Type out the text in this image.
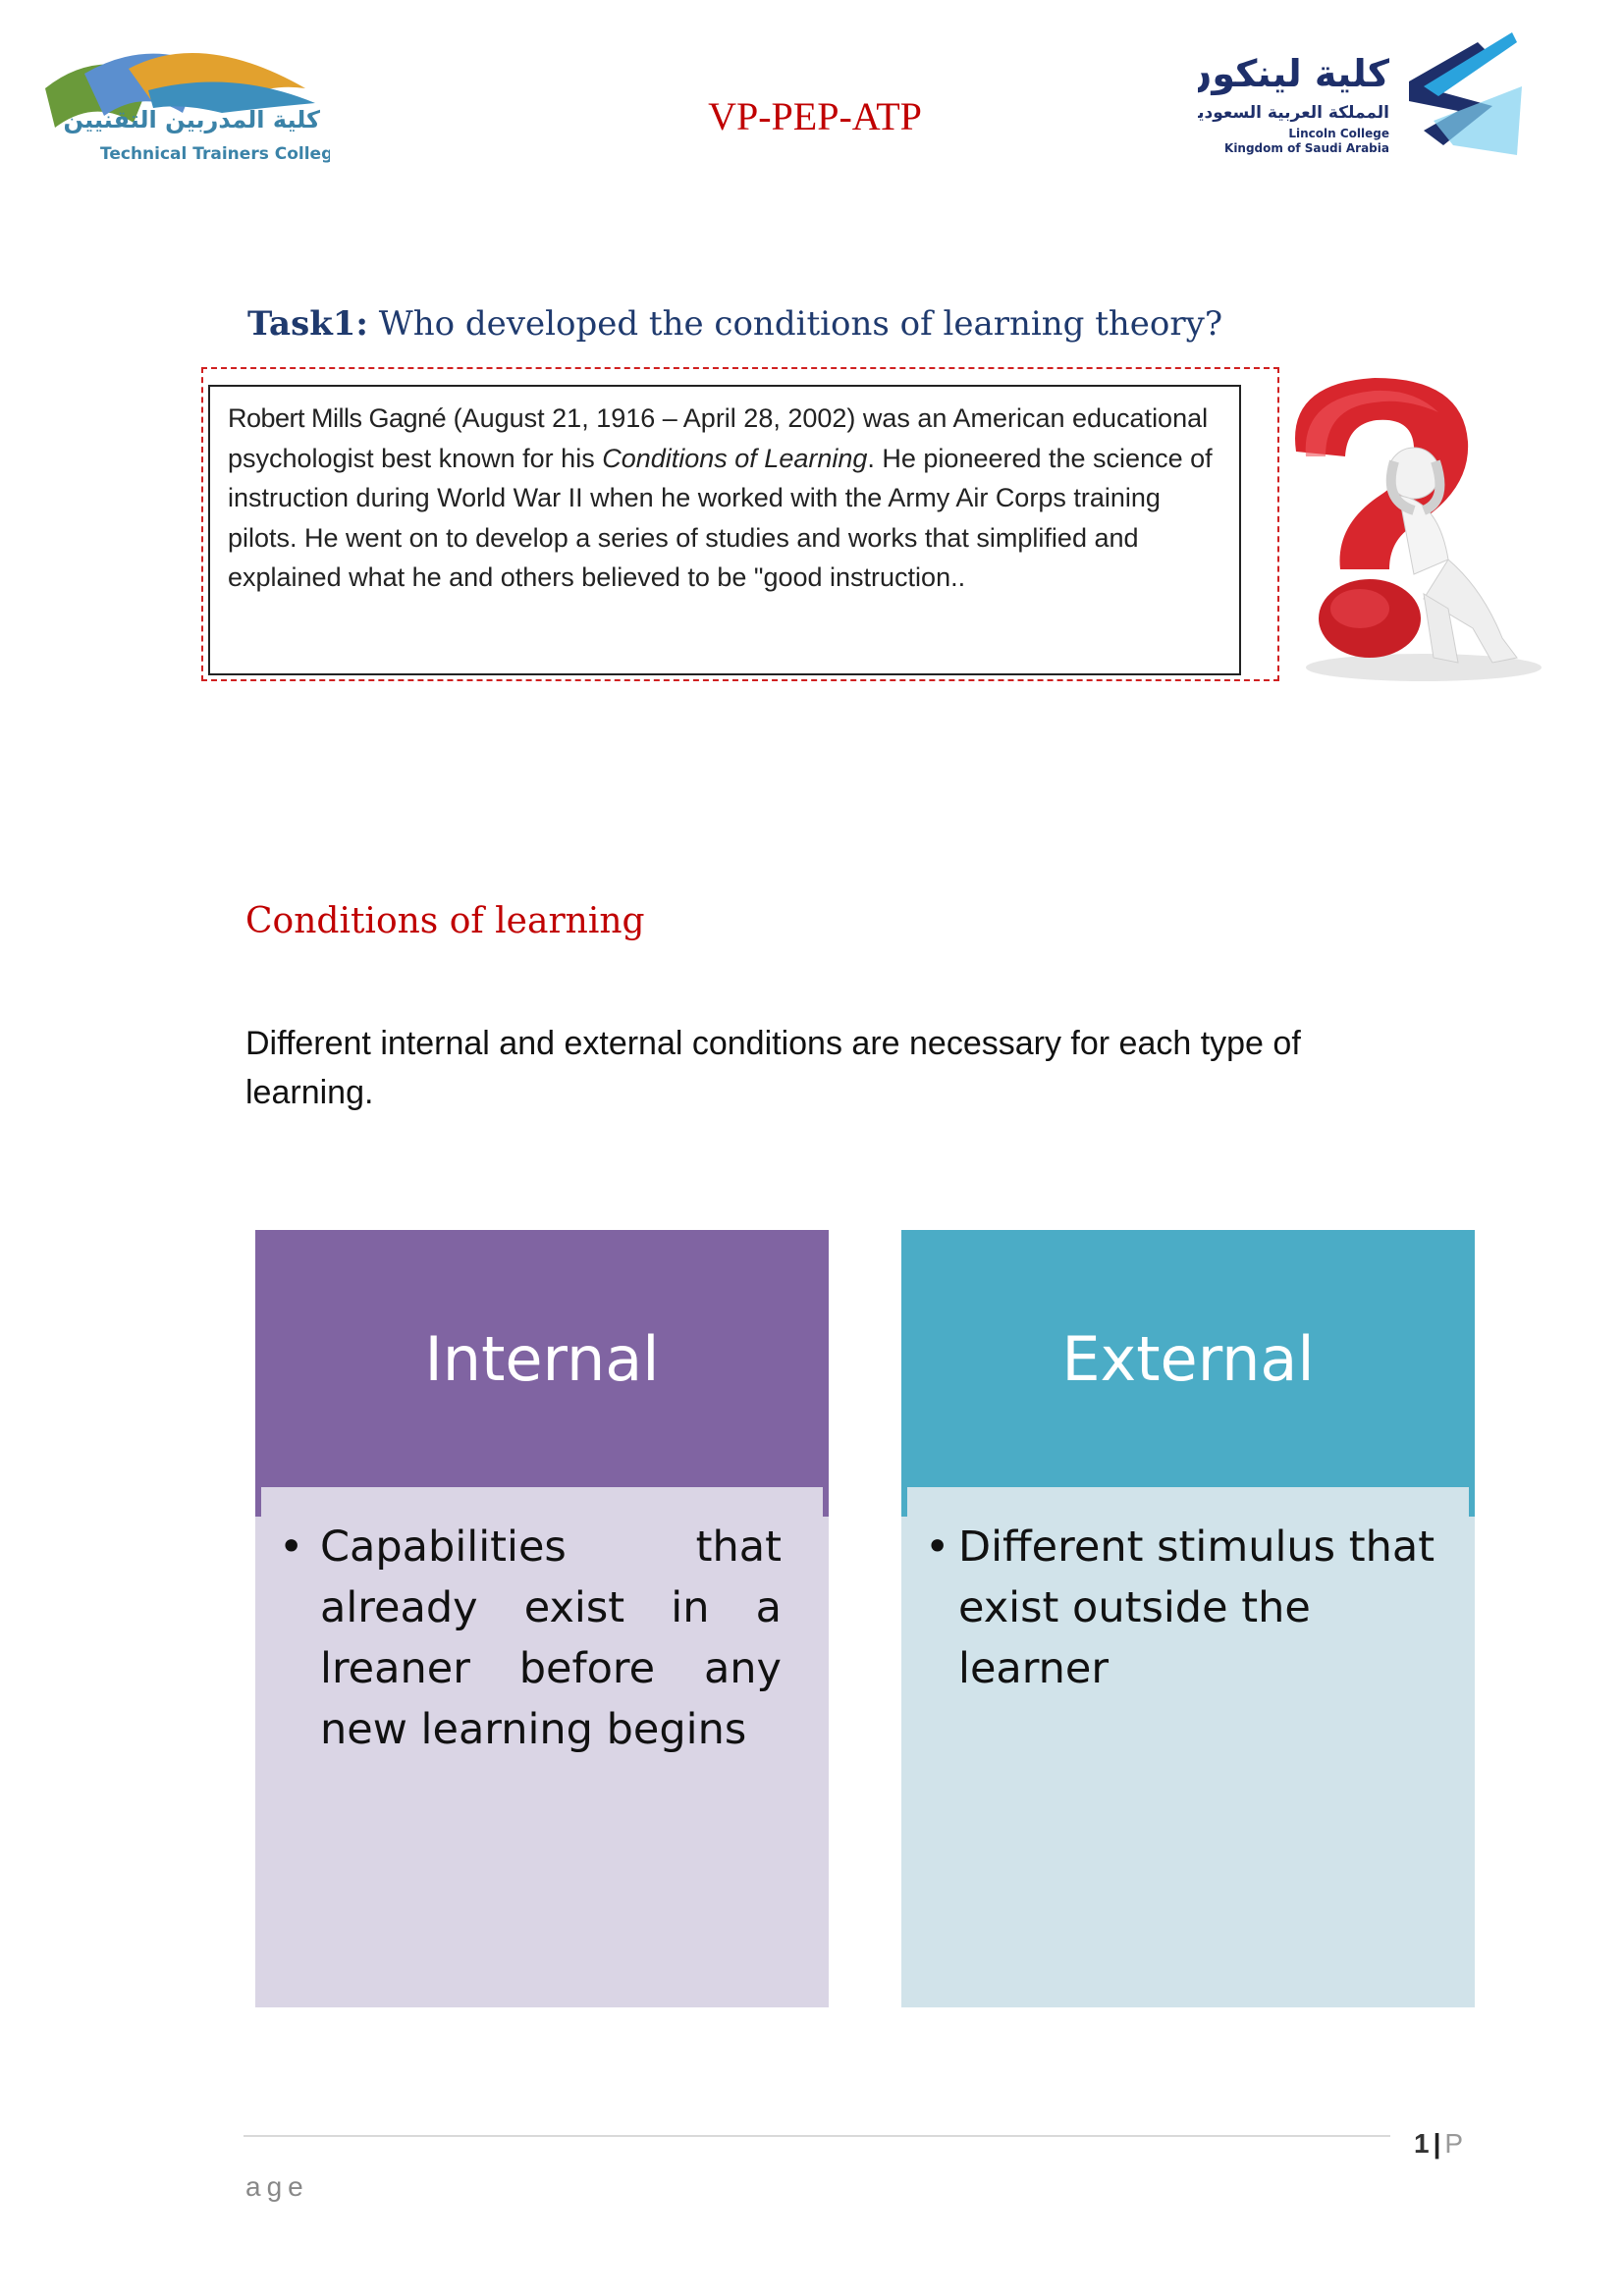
كلية المدربين التقنيين
Technical Trainers College
VP-PEP-ATP
كلية لينكون
المملكة العربية السعودية
Lincoln College
Kingdom of Saudi Arabia
Task1: Who developed the conditions of learning theory?
Robert Mills Gagné (August 21, 1916 – April 28, 2002) was an American educational psychologist best known for his Conditions of Learning. He pioneered the science of instruction during World War II when he worked with the Army Air Corps training pilots. He went on to develop a series of studies and works that simplified and explained what he and others believed to be "good instruction..
Conditions of learning
Different internal and external conditions are necessary for each type of learning.
Internal
• Capabilities that already exist in a lreaner before any new learning begins
External
• Different stimulus that exist outside the learner
1 | P
age
